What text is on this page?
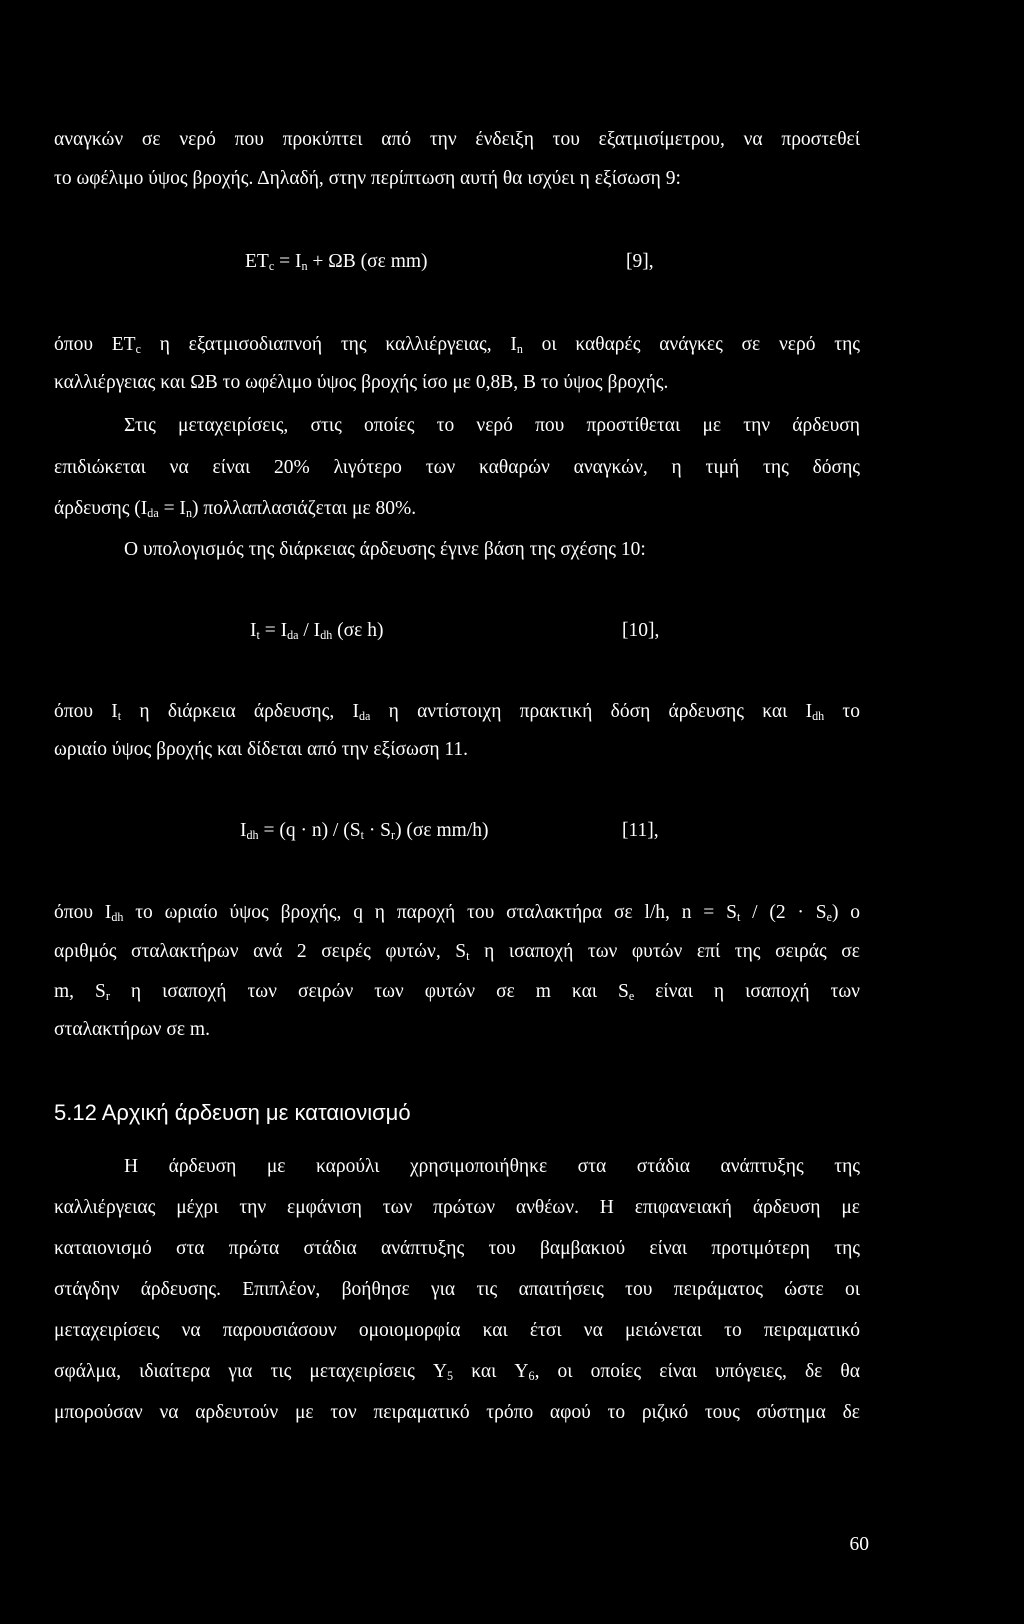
αναγκών σε νερό που προκύπτει από την ένδειξη του εξατμισίμετρου, να προστεθεί
το ωφέλιμο ύψος βροχής. Δηλαδή, στην περίπτωση αυτή θα ισχύει η εξίσωση 9:
$ET_c = I_n + \Omega B$ (σε mm)	[9],
όπου $ET_c$ η εξατμισοδιαπνοή της καλλιέργειας, $I_n$ οι καθαρές ανάγκες σε νερό της
καλλιέργειας και ΩΒ το ωφέλιμο ύψος βροχής ίσο με 0,8Β, Β το ύψος βροχής.
Στις μεταχειρίσεις, στις οποίες το νερό που προστίθεται με την άρδευση
επιδιώκεται να είναι 20% λιγότερο των καθαρών αναγκών, η τιμή της δόσης
άρδευσης $(I_{da} = I_n)$ πολλαπλασιάζεται με 80%.
Ο υπολογισμός της διάρκειας άρδευσης έγινε βάση της σχέσης 10:
$I_t = I_{da} / I_{dh}$ (σε h)	[10],
όπου $I_t$ η διάρκεια άρδευσης, $I_{da}$ η αντίστοιχη πρακτική δόση άρδευσης και $I_{dh}$ το
ωριαίο ύψος βροχής και δίδεται από την εξίσωση 11.
$I_{dh} = (q \cdot n) / (S_t \cdot S_r)$ (σε mm/h)	[11],
όπου $I_{dh}$ το ωριαίο ύψος βροχής, q η παροχή του σταλακτήρα σε l/h, $n = S_t / (2 \cdot S_e)$ ο
αριθμός σταλακτήρων ανά 2 σειρές φυτών, $S_t$ η ισαποχή των φυτών επί της σειράς σε
m, $S_r$ η ισαποχή των σειρών των φυτών σε m και $S_e$ είναι η ισαποχή των
σταλακτήρων σε m.
5.12 Αρχική άρδευση με καταιονισμό
Η άρδευση με καρούλι χρησιμοποιήθηκε στα στάδια ανάπτυξης της
καλλιέργειας μέχρι την εμφάνιση των πρώτων ανθέων. Η επιφανειακή άρδευση με
καταιονισμό στα πρώτα στάδια ανάπτυξης του βαμβακιού είναι προτιμότερη της
στάγδην άρδευσης. Επιπλέον, βοήθησε για τις απαιτήσεις του πειράματος ώστε οι
μεταχειρίσεις να παρουσιάσουν ομοιομορφία και έτσι να μειώνεται το πειραματικό
σφάλμα, ιδιαίτερα για τις μεταχειρίσεις $Y_5$ και $Y_6$, οι οποίες είναι υπόγειες, δε θα
μπορούσαν να αρδευτούν με τον πειραματικό τρόπο αφού το ριζικό τους σύστημα δε
60
